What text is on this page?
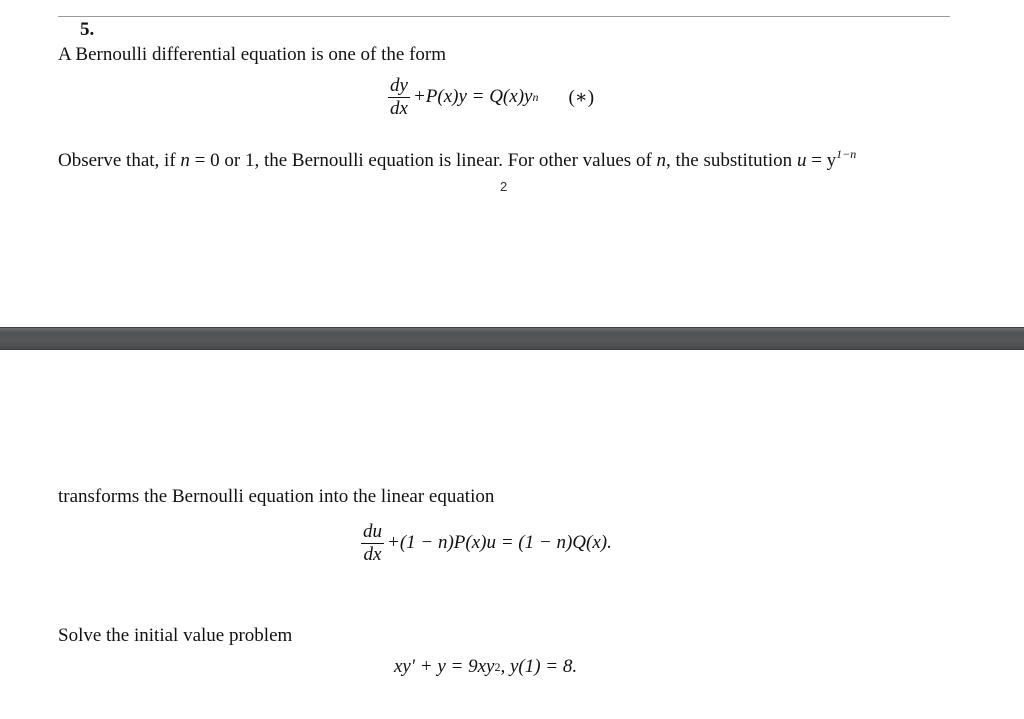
5.
A Bernoulli differential equation is one of the form
$\frac{dy}{dx} +P(x)y = Q(x)y$ n (∗)
Observe that, if n = 0 or 1, the Bernoulli equation is linear. For other values of n, the substitution $u = y^{1-n}$
2
transforms the Bernoulli equation into the linear equation
$\frac{du}{dx} +(1 - n)P(x)u = (1 - n)Q(x)$.
Solve the initial value problem
xy′ + y = 9xy 2 , y(1) = 8.
